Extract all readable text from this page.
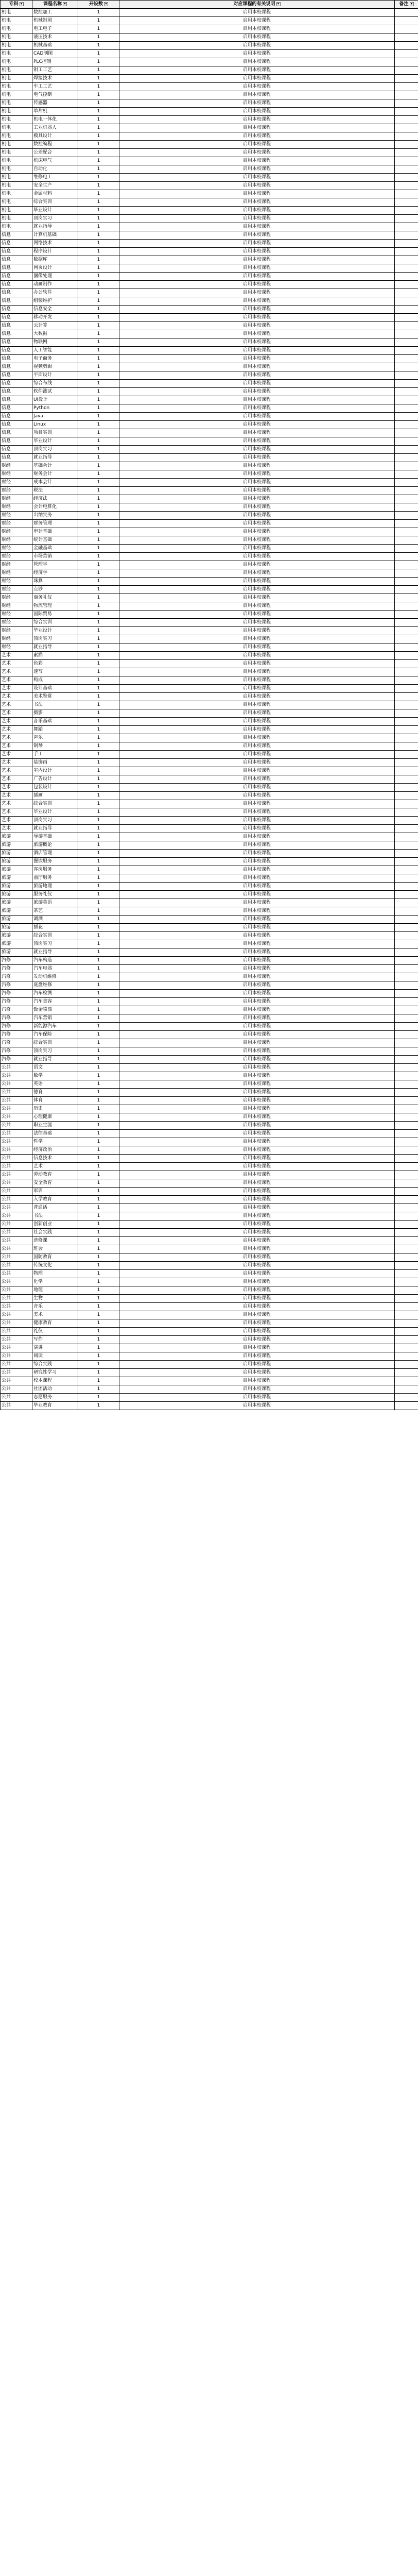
专科 ▾	课程名称 ▾	开设数 ▾	对应课程的有关说明 ▾	备注 ▾
机电	数控加工	1	启用本校课程	
机电	机械制图	1	启用本校课程	
机电	电工电子	1	启用本校课程	
机电	液压技术	1	启用本校课程	
机电	机械基础	1	启用本校课程	
机电	CAD制图	1	启用本校课程	
机电	PLC控制	1	启用本校课程	
机电	钳工工艺	1	启用本校课程	
机电	焊接技术	1	启用本校课程	
机电	车工工艺	1	启用本校课程	
机电	电气控制	1	启用本校课程	
机电	传感器	1	启用本校课程	
机电	单片机	1	启用本校课程	
机电	机电一体化	1	启用本校课程	
机电	工业机器人	1	启用本校课程	
机电	模具设计	1	启用本校课程	
机电	数控编程	1	启用本校课程	
机电	公差配合	1	启用本校课程	
机电	机床电气	1	启用本校课程	
机电	自动化	1	启用本校课程	
机电	维修电工	1	启用本校课程	
机电	安全生产	1	启用本校课程	
机电	金属材料	1	启用本校课程	
机电	综合实训	1	启用本校课程	
机电	毕业设计	1	启用本校课程	
机电	顶岗实习	1	启用本校课程	
机电	就业指导	1	启用本校课程	
信息	计算机基础	1	启用本校课程	
信息	网络技术	1	启用本校课程	
信息	程序设计	1	启用本校课程	
信息	数据库	1	启用本校课程	
信息	网页设计	1	启用本校课程	
信息	图像处理	1	启用本校课程	
信息	动画制作	1	启用本校课程	
信息	办公软件	1	启用本校课程	
信息	组装维护	1	启用本校课程	
信息	信息安全	1	启用本校课程	
信息	移动开发	1	启用本校课程	
信息	云计算	1	启用本校课程	
信息	大数据	1	启用本校课程	
信息	物联网	1	启用本校课程	
信息	人工智能	1	启用本校课程	
信息	电子商务	1	启用本校课程	
信息	视频剪辑	1	启用本校课程	
信息	平面设计	1	启用本校课程	
信息	综合布线	1	启用本校课程	
信息	软件测试	1	启用本校课程	
信息	UI设计	1	启用本校课程	
信息	Python	1	启用本校课程	
信息	Java	1	启用本校课程	
信息	Linux	1	启用本校课程	
信息	项目实训	1	启用本校课程	
信息	毕业设计	1	启用本校课程	
信息	顶岗实习	1	启用本校课程	
信息	就业指导	1	启用本校课程	
财经	基础会计	1	启用本校课程	
财经	财务会计	1	启用本校课程	
财经	成本会计	1	启用本校课程	
财经	税法	1	启用本校课程	
财经	经济法	1	启用本校课程	
财经	会计电算化	1	启用本校课程	
财经	出纳实务	1	启用本校课程	
财经	财务管理	1	启用本校课程	
财经	审计基础	1	启用本校课程	
财经	统计基础	1	启用本校课程	
财经	金融基础	1	启用本校课程	
财经	市场营销	1	启用本校课程	
财经	管理学	1	启用本校课程	
财经	经济学	1	启用本校课程	
财经	珠算	1	启用本校课程	
财经	点钞	1	启用本校课程	
财经	商务礼仪	1	启用本校课程	
财经	物流管理	1	启用本校课程	
财经	国际贸易	1	启用本校课程	
财经	综合实训	1	启用本校课程	
财经	毕业设计	1	启用本校课程	
财经	顶岗实习	1	启用本校课程	
财经	就业指导	1	启用本校课程	
艺术	素描	1	启用本校课程	
艺术	色彩	1	启用本校课程	
艺术	速写	1	启用本校课程	
艺术	构成	1	启用本校课程	
艺术	设计基础	1	启用本校课程	
艺术	美术鉴赏	1	启用本校课程	
艺术	书法	1	启用本校课程	
艺术	摄影	1	启用本校课程	
艺术	音乐基础	1	启用本校课程	
艺术	舞蹈	1	启用本校课程	
艺术	声乐	1	启用本校课程	
艺术	钢琴	1	启用本校课程	
艺术	手工	1	启用本校课程	
艺术	装饰画	1	启用本校课程	
艺术	室内设计	1	启用本校课程	
艺术	广告设计	1	启用本校课程	
艺术	包装设计	1	启用本校课程	
艺术	插画	1	启用本校课程	
艺术	综合实训	1	启用本校课程	
艺术	毕业设计	1	启用本校课程	
艺术	顶岗实习	1	启用本校课程	
艺术	就业指导	1	启用本校课程	
旅游	导游基础	1	启用本校课程	
旅游	旅游概论	1	启用本校课程	
旅游	酒店管理	1	启用本校课程	
旅游	餐饮服务	1	启用本校课程	
旅游	客房服务	1	启用本校课程	
旅游	前厅服务	1	启用本校课程	
旅游	旅游地理	1	启用本校课程	
旅游	服务礼仪	1	启用本校课程	
旅游	旅游英语	1	启用本校课程	
旅游	茶艺	1	启用本校课程	
旅游	调酒	1	启用本校课程	
旅游	插花	1	启用本校课程	
旅游	综合实训	1	启用本校课程	
旅游	顶岗实习	1	启用本校课程	
旅游	就业指导	1	启用本校课程	
汽修	汽车构造	1	启用本校课程	
汽修	汽车电器	1	启用本校课程	
汽修	发动机维修	1	启用本校课程	
汽修	底盘维修	1	启用本校课程	
汽修	汽车检测	1	启用本校课程	
汽修	汽车美容	1	启用本校课程	
汽修	钣金喷漆	1	启用本校课程	
汽修	汽车营销	1	启用本校课程	
汽修	新能源汽车	1	启用本校课程	
汽修	汽车保险	1	启用本校课程	
汽修	综合实训	1	启用本校课程	
汽修	顶岗实习	1	启用本校课程	
汽修	就业指导	1	启用本校课程	
公共	语文	1	启用本校课程	
公共	数学	1	启用本校课程	
公共	英语	1	启用本校课程	
公共	德育	1	启用本校课程	
公共	体育	1	启用本校课程	
公共	历史	1	启用本校课程	
公共	心理健康	1	启用本校课程	
公共	职业生涯	1	启用本校课程	
公共	法律基础	1	启用本校课程	
公共	哲学	1	启用本校课程	
公共	经济政治	1	启用本校课程	
公共	信息技术	1	启用本校课程	
公共	艺术	1	启用本校课程	
公共	劳动教育	1	启用本校课程	
公共	安全教育	1	启用本校课程	
公共	军训	1	启用本校课程	
公共	入学教育	1	启用本校课程	
公共	普通话	1	启用本校课程	
公共	书法	1	启用本校课程	
公共	创新创业	1	启用本校课程	
公共	社会实践	1	启用本校课程	
公共	选修课	1	启用本校课程	
公共	班会	1	启用本校课程	
公共	国防教育	1	启用本校课程	
公共	传统文化	1	启用本校课程	
公共	物理	1	启用本校课程	
公共	化学	1	启用本校课程	
公共	地理	1	启用本校课程	
公共	生物	1	启用本校课程	
公共	音乐	1	启用本校课程	
公共	美术	1	启用本校课程	
公共	健康教育	1	启用本校课程	
公共	礼仪	1	启用本校课程	
公共	写作	1	启用本校课程	
公共	演讲	1	启用本校课程	
公共	阅读	1	启用本校课程	
公共	综合实践	1	启用本校课程	
公共	研究性学习	1	启用本校课程	
公共	校本课程	1	启用本校课程	
公共	社团活动	1	启用本校课程	
公共	志愿服务	1	启用本校课程	
公共	毕业教育	1	启用本校课程	
